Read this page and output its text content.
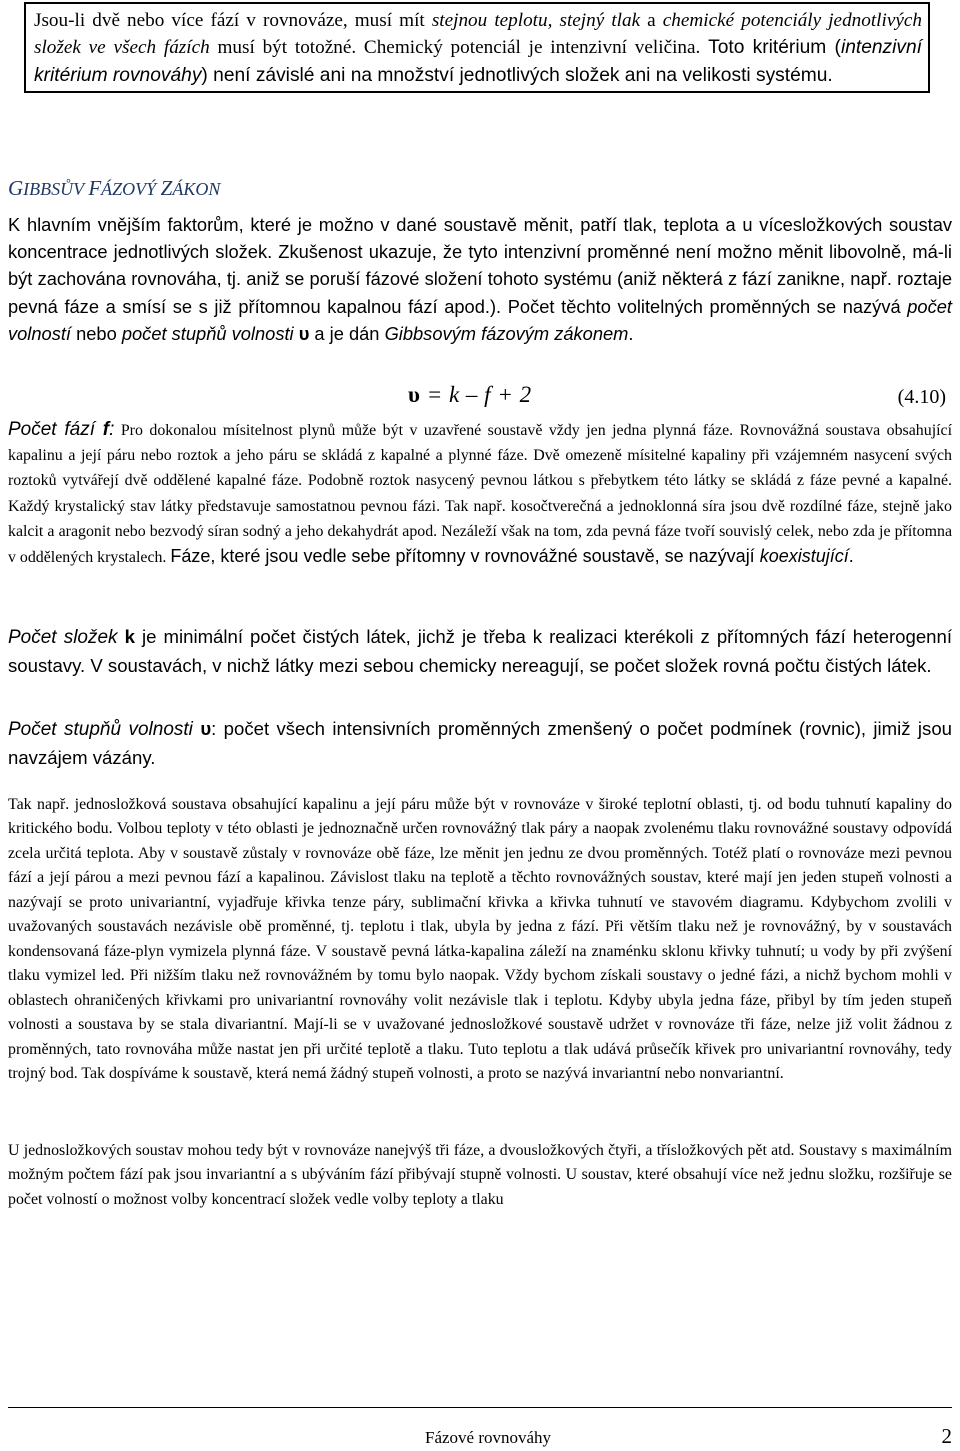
Jsou-li dvě nebo více fází v rovnováze, musí mít stejnou teplotu, stejný tlak a chemické potenciály jednotlivých složek ve všech fázích musí být totožné. Chemický potenciál je intenzivní veličina. Toto kritérium (intenzivní kritérium rovnováhy) není závislé ani na množství jednotlivých složek ani na velikosti systému.
GIBBSŮV FÁZOVÝ ZÁKON
K hlavním vnějším faktorům, které je možno v dané soustavě měnit, patří tlak, teplota a u vícesložkových soustav koncentrace jednotlivých složek. Zkušenost ukazuje, že tyto intenzivní proměnné není možno měnit libovolně, má-li být zachována rovnováha, tj. aniž se poruší fázové složení tohoto systému (aniž některá z fází zanikne, např. roztaje pevná fáze a smísí se s již přítomnou kapalnou fází apod.). Počet těchto volitelných proměnných se nazývá počet volností nebo počet stupňů volnosti υ a je dán Gibbsovým fázovým zákonem.
υ = k – f + 2	(4.10)
Počet fází f: Pro dokonalou mísitelnost plynů může být v uzavřené soustavě vždy jen jedna plynná fáze. Rovnovážná soustava obsahující kapalinu a její páru nebo roztok a jeho páru se skládá z kapalné a plynné fáze. Dvě omezeně mísitelné kapaliny při vzájemném nasycení svých roztoků vytvářejí dvě oddělené kapalné fáze. Podobně roztok nasycený pevnou látkou s přebytkem této látky se skládá z fáze pevné a kapalné. Každý krystalický stav látky představuje samostatnou pevnou fázi. Tak např. kosočtverečná a jednoklonná síra jsou dvě rozdílné fáze, stejně jako kalcit a aragonit nebo bezvodý síran sodný a jeho dekahydrát apod. Nezáleží však na tom, zda pevná fáze tvoří souvislý celek, nebo zda je přítomna v oddělených krystalech. Fáze, které jsou vedle sebe přítomny v rovnovážné soustavě, se nazývají koexistující.
Počet složek k je minimální počet čistých látek, jichž je třeba k realizaci kterékoli z přítomných fází heterogenní soustavy. V soustavách, v nichž látky mezi sebou chemicky nereagují, se počet složek rovná počtu čistých látek.
Počet stupňů volnosti υ: počet všech intensivních proměnných zmenšený o počet podmínek (rovnic), jimiž jsou navzájem vázány.
Tak např. jednosložková soustava obsahující kapalinu a její páru může být v rovnováze v široké teplotní oblasti, tj. od bodu tuhnutí kapaliny do kritického bodu. Volbou teploty v této oblasti je jednoznačně určen rovnovážný tlak páry a naopak zvolenému tlaku rovnovážné soustavy odpovídá zcela určitá teplota. Aby v soustavě zůstaly v rovnováze obě fáze, lze měnit jen jednu ze dvou proměnných. Totéž platí o rovnováze mezi pevnou fází a její párou a mezi pevnou fází a kapalinou. Závislost tlaku na teplotě a těchto rovnovážných soustav, které mají jen jeden stupeň volnosti a nazývají se proto univariantní, vyjadřuje křivka tenze páry, sublimační křivka a křivka tuhnutí ve stavovém diagramu. Kdybychom zvolili v uvažovaných soustavách nezávisle obě proměnné, tj. teplotu i tlak, ubyla by jedna z fází. Při větším tlaku než je rovnovážný, by v soustavách kondensovaná fáze-plyn vymizela plynná fáze. V soustavě pevná látka-kapalina záleží na znaménku sklonu křivky tuhnutí; u vody by při zvýšení tlaku vymizel led. Při nižším tlaku než rovnovážném by tomu bylo naopak. Vždy bychom získali soustavy o jedné fázi, a nichž bychom mohli v oblastech ohraničených křivkami pro univariantní rovnováhy volit nezávisle tlak i teplotu. Kdyby ubyla jedna fáze, přibyl by tím jeden stupeň volnosti a soustava by se stala divariantní. Mají-li se v uvažované jednosložkové soustavě udržet v rovnováze tři fáze, nelze již volit žádnou z proměnných, tato rovnováha může nastat jen při určité teplotě a tlaku. Tuto teplotu a tlak udává průsečík křivek pro univariantní rovnováhy, tedy trojný bod. Tak dospíváme k soustavě, která nemá žádný stupeň volnosti, a proto se nazývá invariantní nebo nonvariantní.
U jednosložkových soustav mohou tedy být v rovnováze nanejvýš tři fáze, a dvousložkových čtyři, a třísložkových pět atd. Soustavy s maximálním možným počtem fází pak jsou invariantní a s ubýváním fází přibývají stupně volnosti. U soustav, které obsahují více než jednu složku, rozšiřuje se počet volností o možnost volby koncentrací složek vedle volby teploty a tlaku
Fázové rovnováhy	2
